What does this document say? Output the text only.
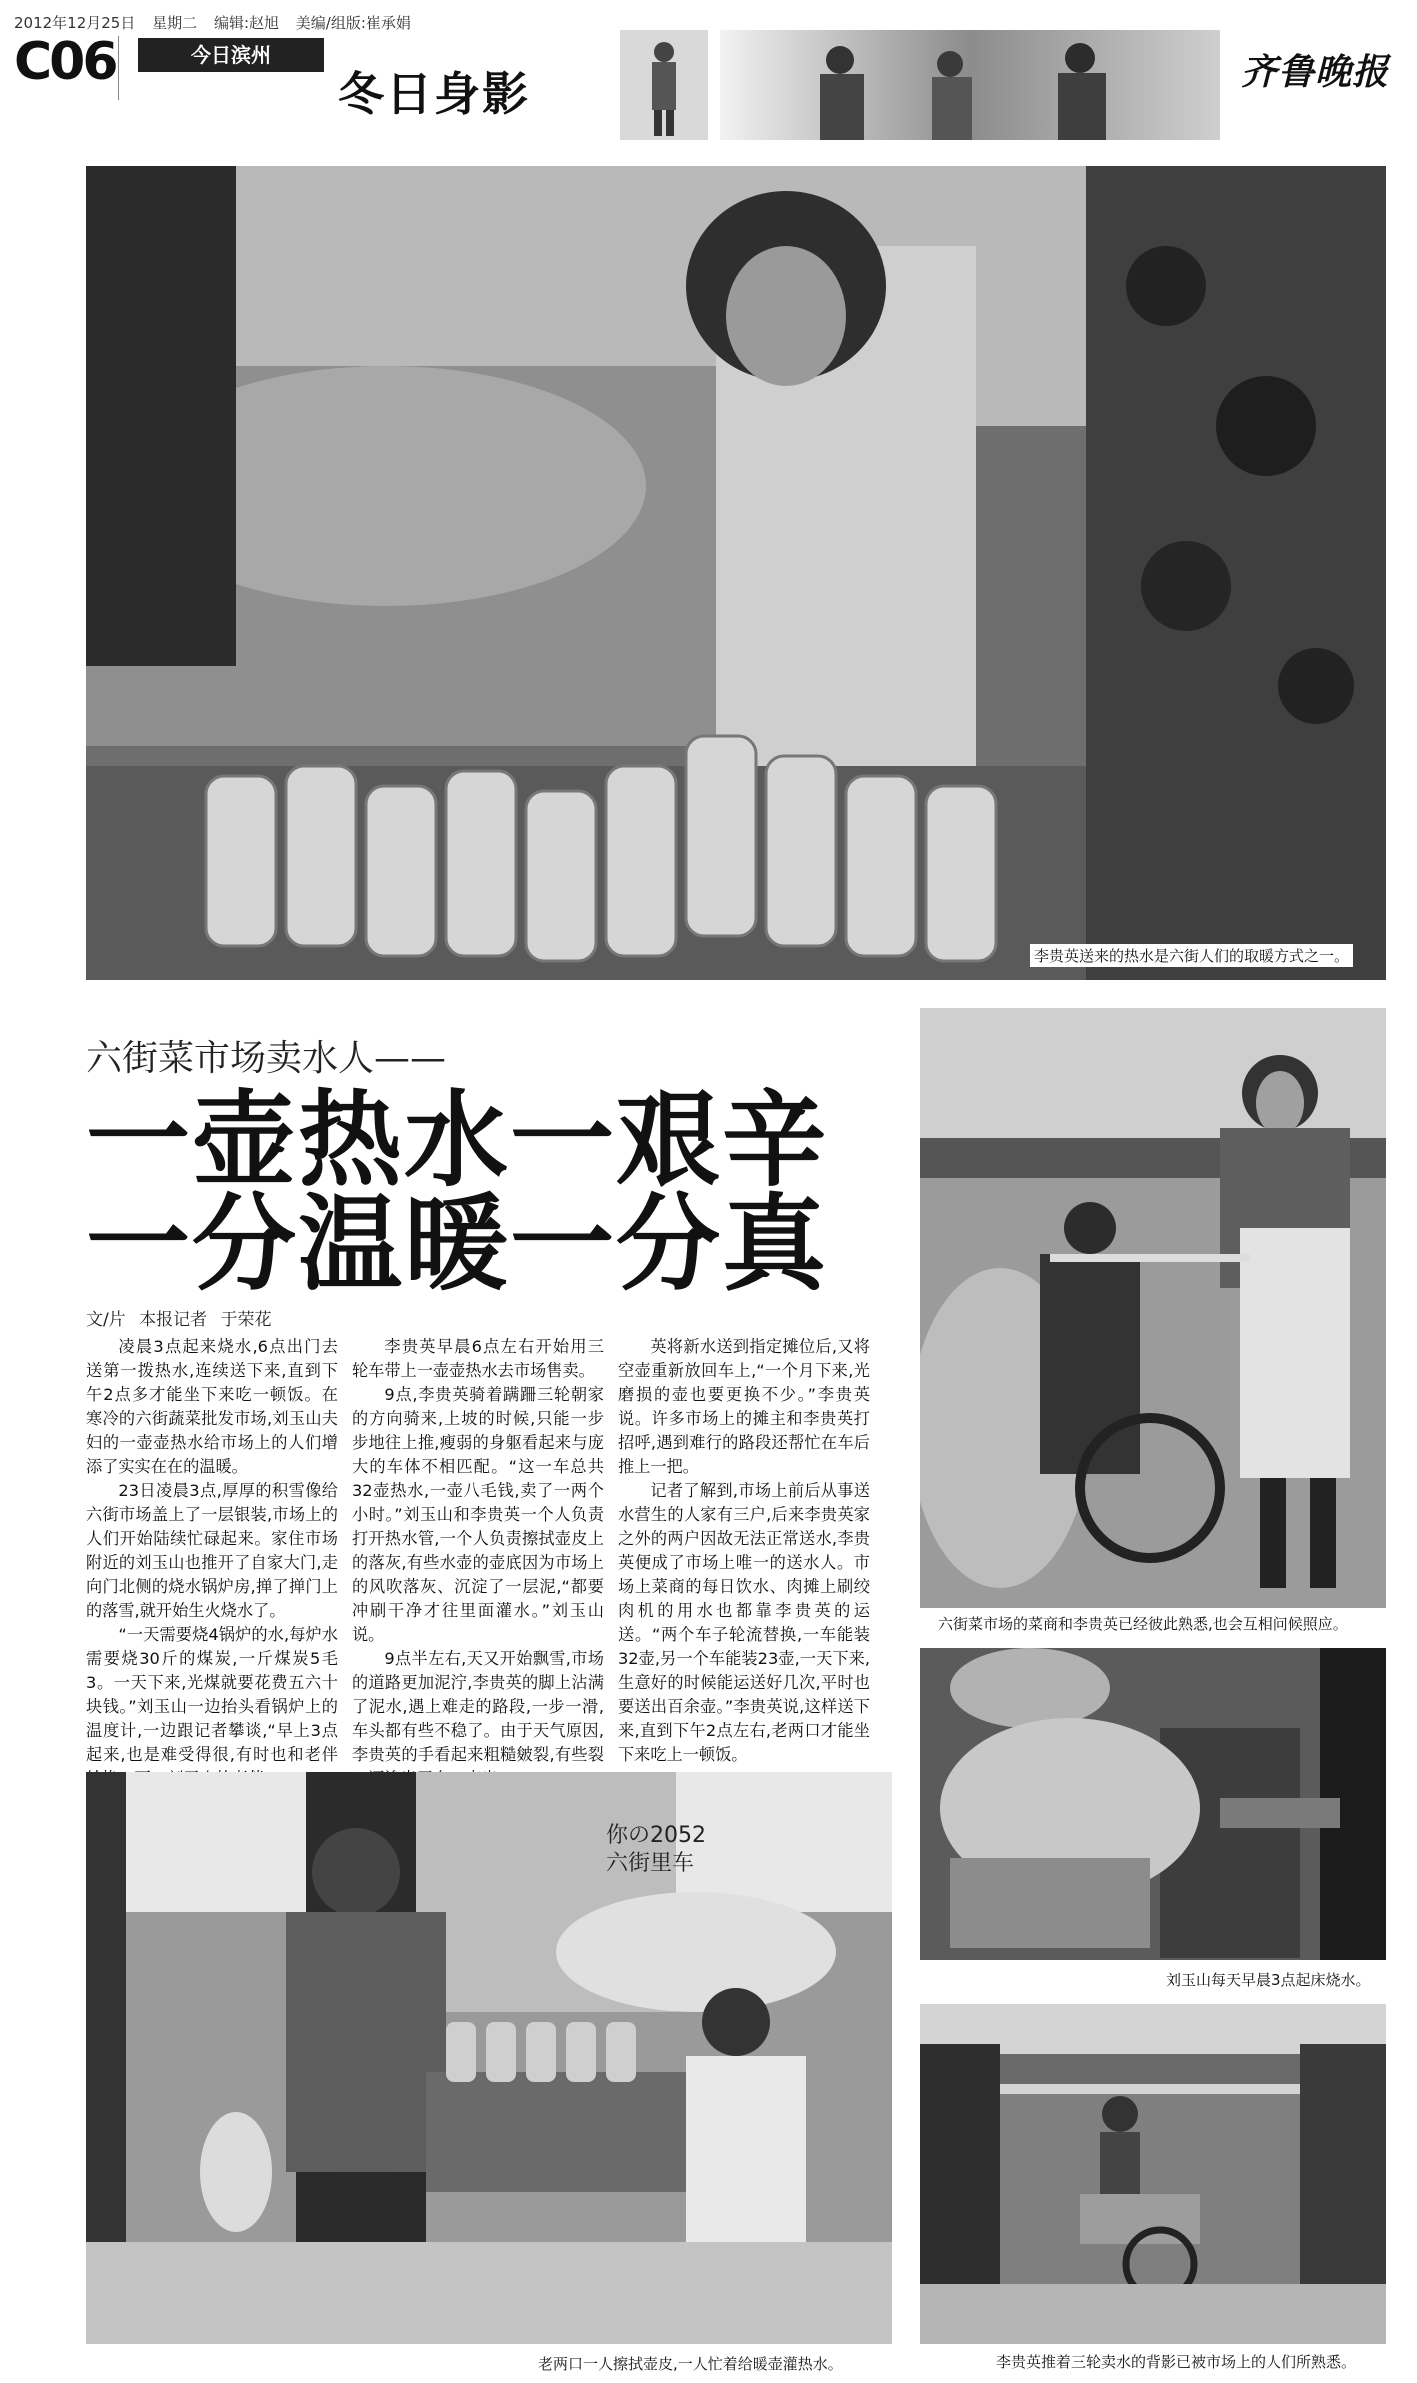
2012年12月25日 星期二 编辑:赵旭 美编/组版:崔承娟
C06	今日滨州
冬日身影	齐鲁晚报
李贵英送来的热水是六街人们的取暖方式之一。
六街菜市场卖水人——
一壶热水一艰辛
一分温暖一分真
文/片 本报记者 于荣花

凌晨3点起来烧水,6点出门去送第一拨热水,连续送下来,直到下午2点多才能坐下来吃一顿饭。在寒冷的六街蔬菜批发市场,刘玉山夫妇的一壶壶热水给市场上的人们增添了实实在在的温暖。

23日凌晨3点,厚厚的积雪像给六街市场盖上了一层银装,市场上的人们开始陆续忙碌起来。家住市场附近的刘玉山也推开了自家大门,走向门北侧的烧水锅炉房,掸了掸门上的落雪,就开始生火烧水了。

“一天需要烧4锅炉的水,每炉水需要烧30斤的煤炭,一斤煤炭5毛3。一天下来,光煤就要花费五六十块钱。”刘玉山一边抬头看锅炉上的温度计,一边跟记者攀谈,“早上3点起来,也是难受得很,有时也和老伴

李贵英早晨6点左右开始用三轮车带上一壶壶热水去市场售卖。

9点,李贵英骑着蹒跚三轮朝家的方向骑来,上坡的时候,只能一步步地往上推,瘦弱的身躯看起来与庞大的车体不相匹配。“这一车总共32壶热水,一壶八毛钱,卖了一两个小时。”刘玉山和李贵英一个人负责打开热水管,一个人负责擦拭壶皮上的落灰,有些水壶的壶底因为市场上的风吹落灰、沉淀了一层泥,“都要冲刷干净才往里面灌水。”刘玉山说。

9点半左右,天又开始飘雪,市场的道路更加泥泞,李贵英的脚上沾满了泥水,遇上难走的路段,一步一滑,车头都有些不稳了。由于天气原因,李贵英的手看起来粗糙皴裂,有些裂

英将新水送到指定摊位后,又将空壶重新放回车上,“一个月下来,光磨损的壶也要更换不少。”李贵英说。许多市场上的摊主和李贵英打招呼,遇到难行的路段还帮忙在车后推上一把。

记者了解到,市场上前后从事送水营生的人家有三户,后来李贵英家之外的两户因故无法正常送水,李贵英便成了市场上唯一的送水人。市场上菜商的每日饮水、肉摊上刷绞肉机的用水也都靠李贵英的运送。“两个车子轮流替换,一车能装32壶,另一个车能装23壶,一天下来,生意好的时候能运送好几次,平时也要送出百余壶。”李贵英说,这样送下来,直到下午2点左右,老两口才能坐下来吃上一顿饭。

六街菜市场的菜商和李贵英已经彼此熟悉,也会互相问候照应。
刘玉山每天早晨3点起床烧水。
李贵英推着三轮卖水的背影已被市场上的人们所熟悉。
你の2052
六街里车
老两口一人擦拭壶皮,一人忙着给暖壶灌热水。
